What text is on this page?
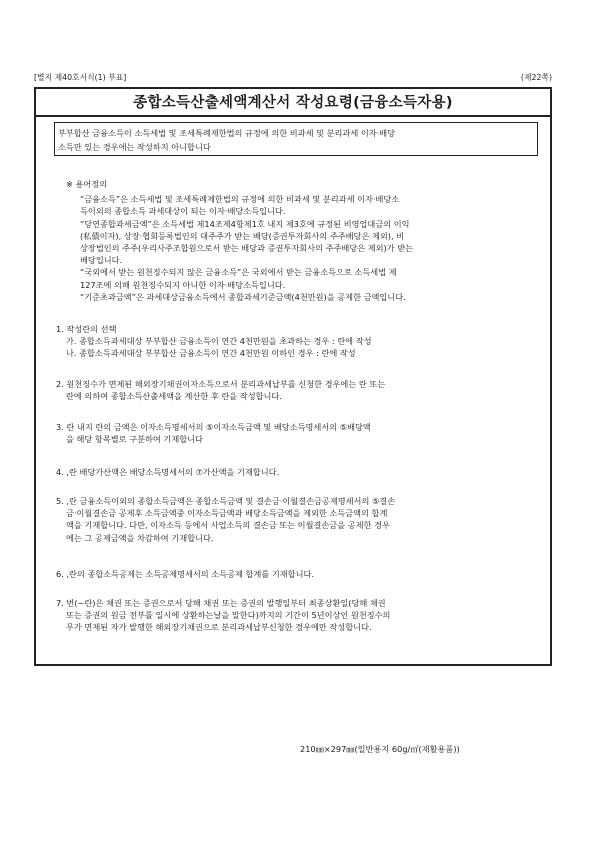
[별지 제40호서식(1) 부표]	(제22쪽)
종합소득산출세액계산서 작성요령(금융소득자용)
부부합산 금융소득이 소득세법 및 조세특례제한법의 규정에 의한 비과세 및 분리과세 이자·배당
소득만 있는 경우에는 작성하지 아니합니다
※ 용어정의
“금융소득”은 소득세법 및 조세특례제한법의 규정에 의한 비과세 및 분리과세 이자·배당소
득이외의 종합소득 과세대상이 되는 이자·배당소득입니다.
“당연종합과세금액”은 소득세법 제14조제4항제1호 내지 제3호에 규정된 비영업대금의 이익
(私債이자), 상장·협회등록법인의 대주주가 받는 배당(증권투자회사의 주주배당은 제외), 비
상장법인의 주주(우리사주조합원으로서 받는 배당과 증권투자회사의 주주배당은 제외)가 받는
배당입니다.
“국외에서 받는 원천징수되지 않은 금융소득”은 국외에서 받는 금융소득으로 소득세법 제
127조에 의해 원천징수되지 아니한 이자·배당소득입니다.
“기준초과금액”은 과세대상금융소득에서 종합과세기준금액(4천만원)을 공제한 금액입니다.
1. 작성란의 선택
가. 종합소득과세대상 부부합산 금융소득이 연간 4천만원을 초과하는 경우 : 란에 작성
나. 종합소득과세대상 부부합산 금융소득이 연간 4천만원 이하인 경우 : 란에 작성
2. 원천징수가 면제된 해외장기채권이자소득으로서 분리과세납부를 신청한 경우에는 란 또는
란에 의하여 종합소득산출세액을 계산한 후 란을 작성합니다.
3. 란 내지 란의 금액은 이자소득명세서의 ⑤이자소득금액 및 배당소득명세서의 ⑤배당액
을 해당 항목별로 구분하여 기재합니다
4. ,란 배당가산액은 배당소득명세서의 ⑦가산액을 기재합니다.
5. ,란 금융소득이외의 종합소득금액은 종합소득금액 및 결손금·이월결손금공제명세서의 ⑤결손
금·이월결손금 공제후 소득금액중 이자소득금액과 배당소득금액을 제외한 소득금액의 합계
액을 기재합니다. 다만, 이자소득 등에서 사업소득의 결손금 또는 이월결손금을 공제한 경우
에는 그 공제금액을 차감하여 기재합니다.
6. ,란의 종합소득공제는 소득공제명세서의 소득공제 합계를 기재합니다.
7. 번(~란)은 채권 또는 증권으로서 당해 채권 또는 증권의 발행일부터 최종상환일(당해 채권
또는 증권의 원금 전부를 일시에 상환하는날을 말한다)까지의 기간이 5년이상인 원천징수의
무가 면제된 자가 발행한 해외장기채권으로 분리과세납부신청한 경우에만 작성합니다.
210㎜×297㎜(일반용지 60g/㎡(재활용품))
